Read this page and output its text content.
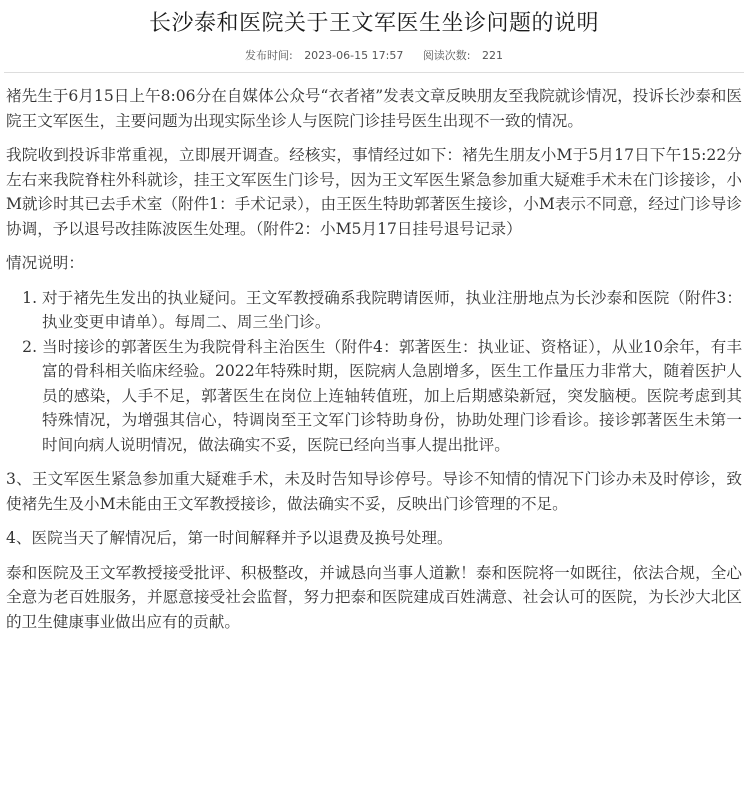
长沙泰和医院关于王文军医生坐诊问题的说明
发布时间: 2023-06-15 17:57 阅读次数: 221

褚先生于6月15日上午8:06分在自媒体公众号“衣者褚”发表文章反映朋友至我院就诊情况，投诉长沙泰和医院王文军医生，主要问题为出现实际坐诊人与医院门诊挂号医生出现不一致的情况。

我院收到投诉非常重视，立即展开调查。经核实，事情经过如下：褚先生朋友小M于5月17日下午15:22分左右来我院脊柱外科就诊，挂王文军医生门诊号，因为王文军医生紧急参加重大疑难手术未在门诊接诊，小M就诊时其已去手术室（附件1：手术记录），由王医生特助郭著医生接诊，小M表示不同意，经过门诊导诊协调，予以退号改挂陈波医生处理。（附件2：小M5月17日挂号退号记录）

情况说明：

1. 对于褚先生发出的执业疑问。王文军教授确系我院聘请医师，执业注册地点为长沙泰和医院（附件3：执业变更申请单）。每周二、周三坐门诊。
2. 当时接诊的郭著医生为我院骨科主治医生（附件4：郭著医生：执业证、资格证），从业10余年，有丰富的骨科相关临床经验。2022年特殊时期，医院病人急剧增多，医生工作量压力非常大，随着医护人员的感染，人手不足，郭著医生在岗位上连轴转值班，加上后期感染新冠，突发脑梗。医院考虑到其特殊情况，为增强其信心，特调岗至王文军门诊特助身份，协助处理门诊看诊。接诊郭著医生未第一时间向病人说明情况，做法确实不妥，医院已经向当事人提出批评。

3、王文军医生紧急参加重大疑难手术，未及时告知导诊停号。导诊不知情的情况下门诊办未及时停诊，致使褚先生及小M未能由王文军教授接诊，做法确实不妥，反映出门诊管理的不足。

4、医院当天了解情况后，第一时间解释并予以退费及换号处理。

泰和医院及王文军教授接受批评、积极整改，并诚恳向当事人道歉！泰和医院将一如既往，依法合规，全心全意为老百姓服务，并愿意接受社会监督，努力把泰和医院建成百姓满意、社会认可的医院，为长沙大北区的卫生健康事业做出应有的贡献。
